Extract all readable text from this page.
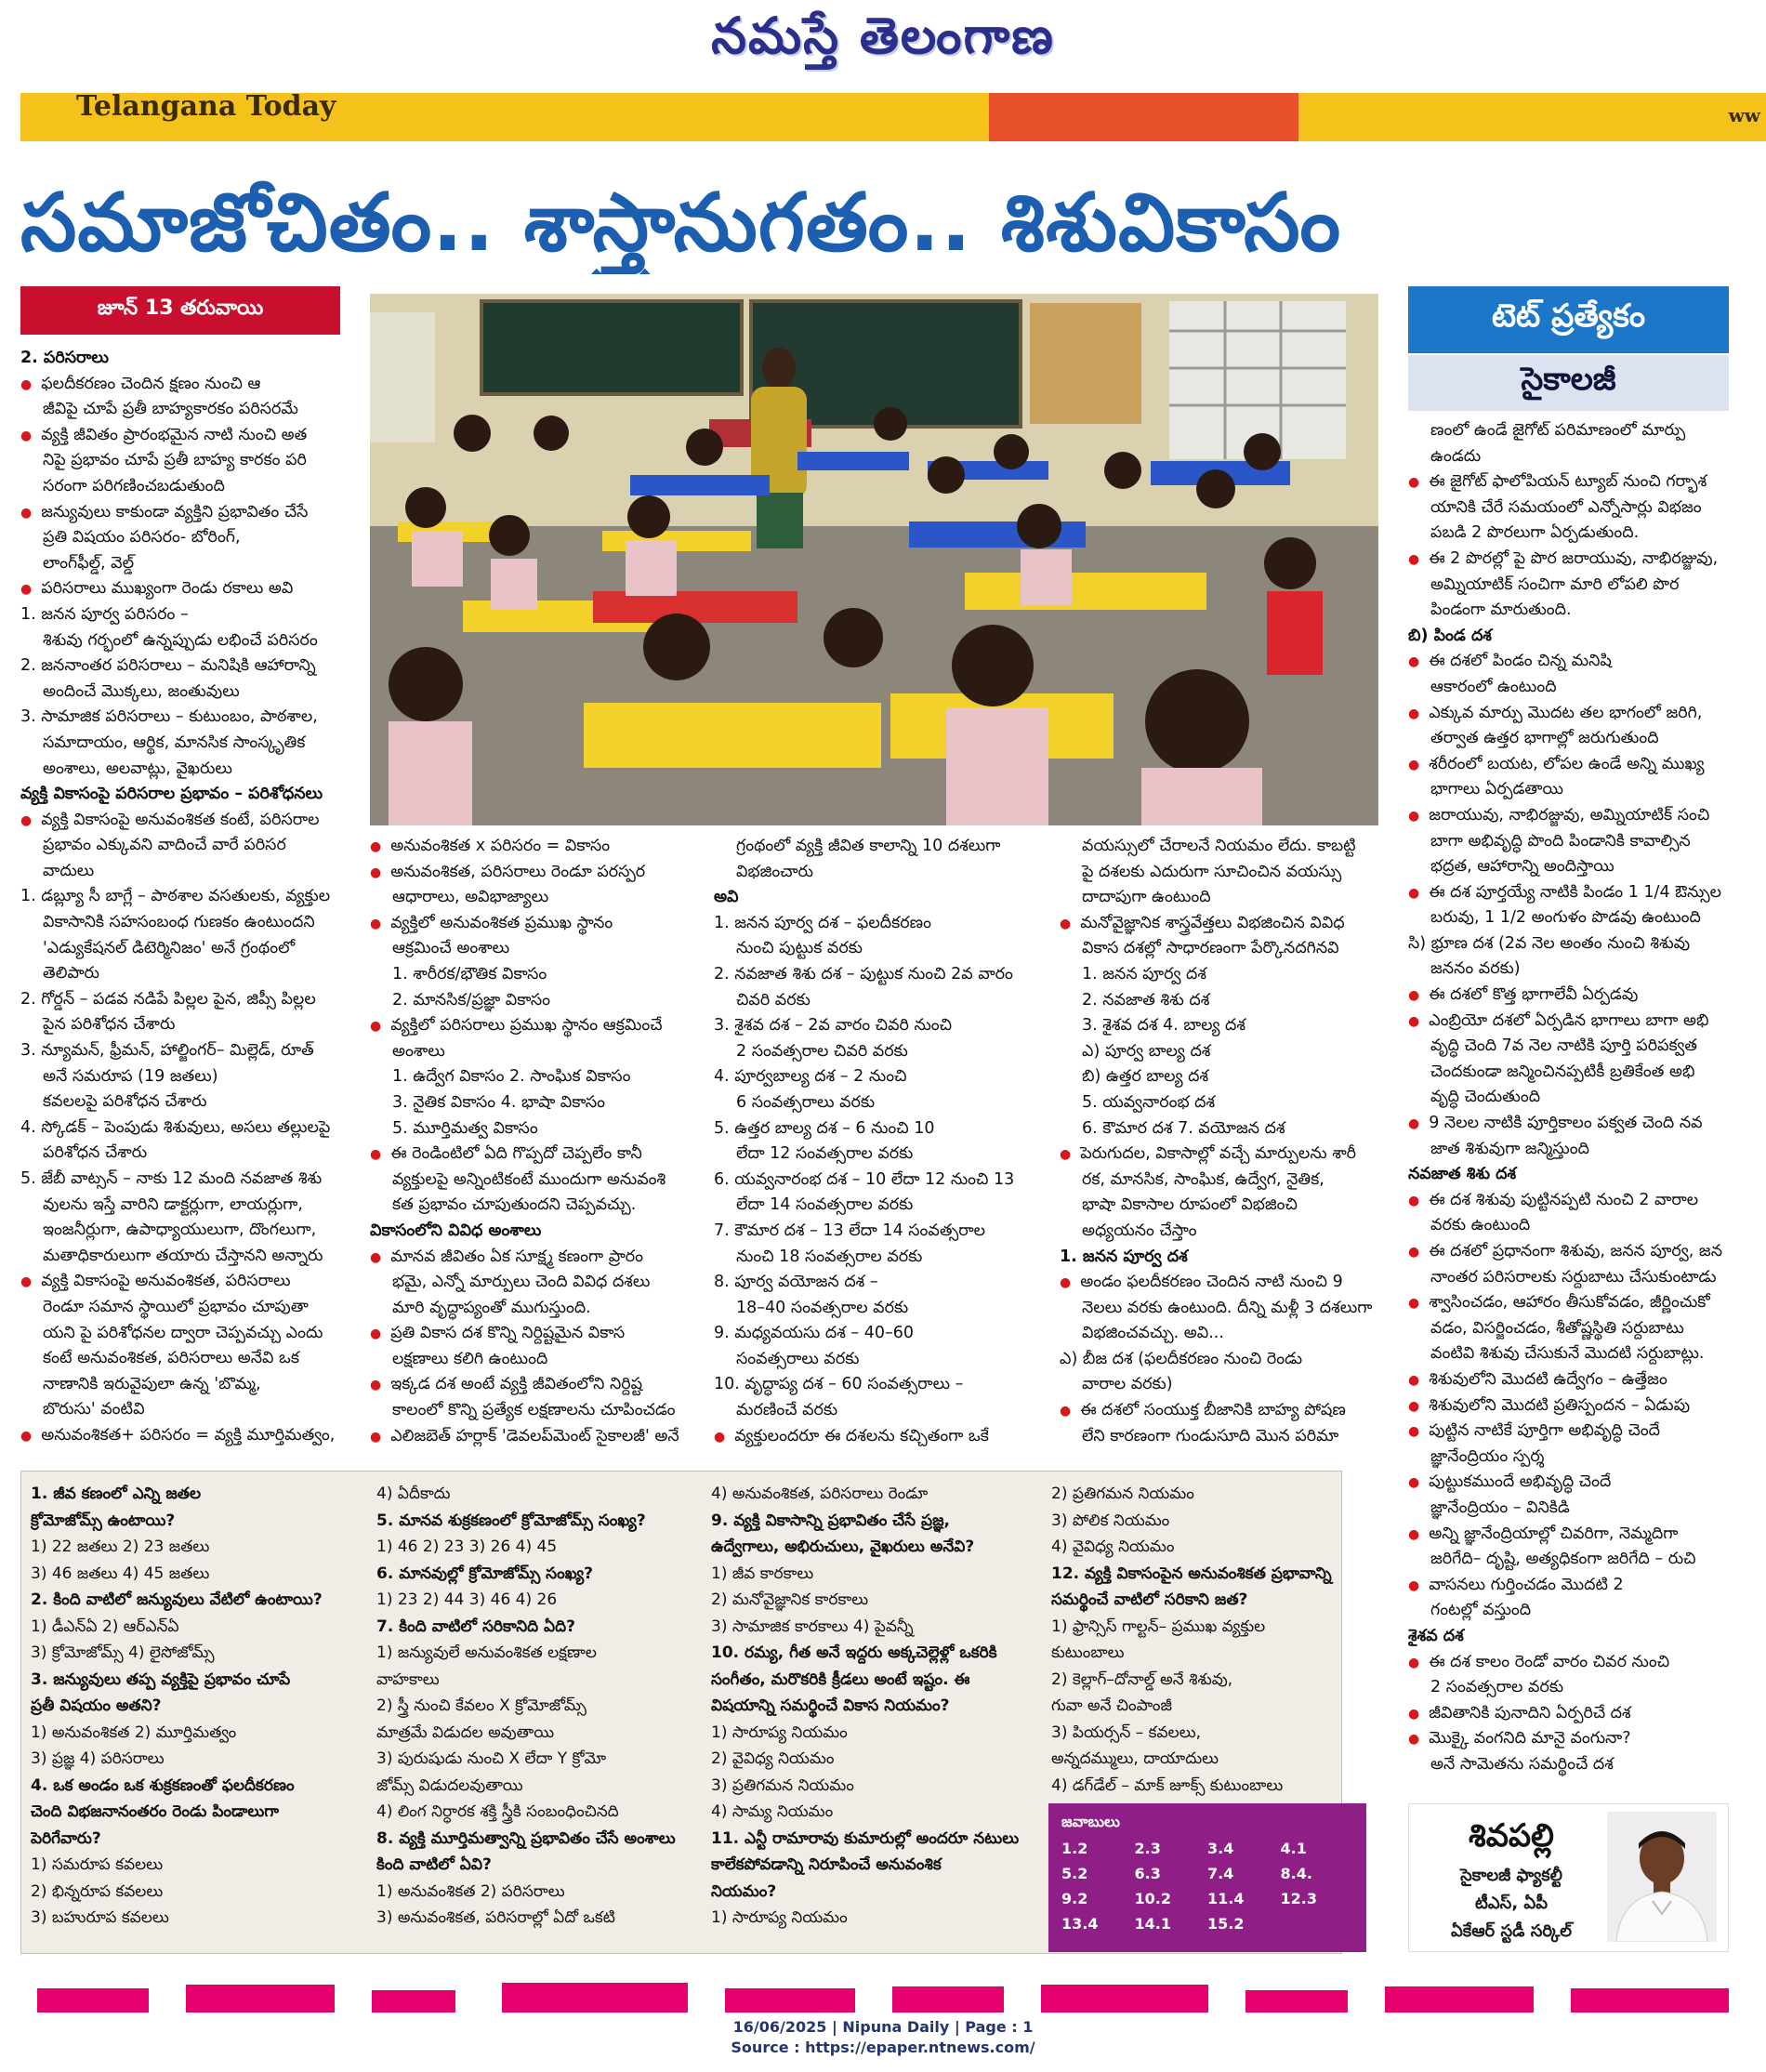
నమస్తే తెలంగాణ
Telangana Today	ww
సమాజోచితం.. శాస్త్రానుగతం.. శిశువికాసం
జూన్ 13 తరువాయి	టెట్ ప్రత్యేకం
సైకాలజీ
2. పరిసరాలు
● ఫలదీకరణం చెందిన క్షణం నుంచి ఆ
జీవిపై చూపే ప్రతీ బాహ్యకారకం పరిసరమే
● వ్యక్తి జీవితం ప్రారంభమైన నాటి నుంచి అత
నిపై ప్రభావం చూపే ప్రతీ బాహ్య కారకం పరి
సరంగా పరిగణించబడుతుంది
● జన్యువులు కాకుండా వ్యక్తిని ప్రభావితం చేసే
ప్రతి విషయం పరిసరం- బోరింగ్,
లాంగ్‌ఫీల్డ్, వెల్డ్
● పరిసరాలు ముఖ్యంగా రెండు రకాలు అవి
1. జనన పూర్వ పరిసరం –
శిశువు గర్భంలో ఉన్నప్పుడు లభించే పరిసరం
2. జననాంతర పరిసరాలు – మనిషికి ఆహారాన్ని
అందించే మొక్కలు, జంతువులు
3. సామాజిక పరిసరాలు – కుటుంబం, పాఠశాల,
సమాదాయం, ఆర్థిక, మానసిక సాంస్కృతిక
అంశాలు, అలవాట్లు, వైఖరులు
వ్యక్తి వికాసంపై పరిసరాల ప్రభావం – పరిశోధనలు
● వ్యక్తి వికాసంపై అనువంశికత కంటే, పరిసరాల
ప్రభావం ఎక్కువని వాదించే వారే పరిసర
వాదులు
1. డబ్ల్యూ సీ బాగ్లే – పాఠశాల వసతులకు, వ్యక్తుల
వికాసానికి సహసంబంధ గుణకం ఉంటుందని
'ఎడ్యుకేషనల్ డిటెర్మినిజం' అనే గ్రంథంలో
తెలిపారు
2. గోర్డన్ – పడవ నడిపే పిల్లల పైన, జిప్సీ పిల్లల
పైన పరిశోధన చేశారు
3. న్యూమన్, ఫ్రీమన్, హాల్జింగర్– మిల్లెడ్, రూత్
అనే సమరూప (19 జతలు)
కవలలపై పరిశోధన చేశారు
4. స్కోడక్ – పెంపుడు శిశువులు, అసలు తల్లులపై
పరిశోధన చేశారు
5. జేబీ వాట్సన్ – నాకు 12 మంది నవజాత శిశు
వులను ఇస్తే వారిని డాక్టర్లుగా, లాయర్లుగా,
ఇంజనీర్లుగా, ఉపాధ్యాయులుగా, దొంగలుగా,
మతాధికారులుగా తయారు చేస్తానని అన్నారు
● వ్యక్తి వికాసంపై అనువంశికత, పరిసరాలు
రెండూ సమాన స్థాయిలో ప్రభావం చూపుతా
యని పై పరిశోధనల ద్వారా చెప్పవచ్చు ఎందు
కంటే అనువంశికత, పరిసరాలు అనేవి ఒక
నాణానికి ఇరువైపులా ఉన్న 'బొమ్మ,
బొరుసు' వంటివి
● అనువంశికత+ పరిసరం = వ్యక్తి మూర్తిమత్వం,
● అనువంశికత x పరిసరం = వికాసం
● అనువంశికత, పరిసరాలు రెండూ పరస్పర
ఆధారాలు, అవిభాజ్యాలు
● వ్యక్తిలో అనువంశికత ప్రముఖ స్థానం
ఆక్రమించే అంశాలు
1. శారీరక/భౌతిక వికాసం
2. మానసిక/ప్రజ్ఞా వికాసం
● వ్యక్తిలో పరిసరాలు ప్రముఖ స్థానం ఆక్రమించే
అంశాలు
1. ఉద్వేగ వికాసం 2. సాంఘిక వికాసం
3. నైతిక వికాసం 4. భాషా వికాసం
5. మూర్తిమత్వ వికాసం
● ఈ రెండింటిలో ఏది గొప్పదో చెప్పలేం కానీ
వ్యక్తులపై అన్నింటికంటే ముందుగా అనువంశి
కత ప్రభావం చూపుతుందని చెప్పవచ్చు.
వికాసంలోని వివిధ అంశాలు
● మానవ జీవితం ఏక సూక్ష్మ కణంగా ప్రారం
భమై, ఎన్నో మార్పులు చెంది వివిధ దశలు
మారి వృద్ధాప్యంతో ముగుస్తుంది.
● ప్రతి వికాస దశ కొన్ని నిర్దిష్టమైన వికాస
లక్షణాలు కలిగి ఉంటుంది
● ఇక్కడ దశ అంటే వ్యక్తి జీవితంలోని నిర్దిష్ట
కాలంలో కొన్ని ప్రత్యేక లక్షణాలను చూపించడం
● ఎలిజబెత్ హర్లాక్ 'డెవలప్‌మెంట్ సైకాలజీ' అనే
గ్రంథంలో వ్యక్తి జీవిత కాలాన్ని 10 దశలుగా
విభజించారు
అవి
1. జనన పూర్వ దశ – ఫలదీకరణం
నుంచి పుట్టుక వరకు
2. నవజాత శిశు దశ – పుట్టుక నుంచి 2వ వారం
చివరి వరకు
3. శైశవ దశ – 2వ వారం చివరి నుంచి
2 సంవత్సరాల చివరి వరకు
4. పూర్వబాల్య దశ – 2 నుంచి
6 సంవత్సరాలు వరకు
5. ఉత్తర బాల్య దశ – 6 నుంచి 10
లేదా 12 సంవత్సరాల వరకు
6. యవ్వనారంభ దశ – 10 లేదా 12 నుంచి 13
లేదా 14 సంవత్సరాల వరకు
7. కౌమార దశ – 13 లేదా 14 సంవత్సరాల
నుంచి 18 సంవత్సరాల వరకు
8. పూర్వ వయోజన దశ –
18–40 సంవత్సరాల వరకు
9. మధ్యవయసు దశ – 40–60
సంవత్సరాలు వరకు
10. వృద్ధాప్య దశ – 60 సంవత్సరాలు –
మరణించే వరకు
● వ్యక్తులందరూ ఈ దశలను కచ్చితంగా ఒకే
వయస్సులో చేరాలనే నియమం లేదు. కాబట్టి
పై దశలకు ఎదురుగా సూచించిన వయస్సు
దాదాపుగా ఉంటుంది
● మనోవైజ్ఞానిక శాస్త్రవేత్తలు విభజించిన వివిధ
వికాస దశల్లో సాధారణంగా పేర్కొనదగినవి
1. జనన పూర్వ దశ
2. నవజాత శిశు దశ
3. శైశవ దశ 4. బాల్య దశ
ఎ) పూర్వ బాల్య దశ
బి) ఉత్తర బాల్య దశ
5. యవ్వనారంభ దశ
6. కౌమార దశ 7. వయోజన దశ
● పెరుగుదల, వికాసాల్లో వచ్చే మార్పులను శారీ
రక, మానసిక, సాంఘిక, ఉద్వేగ, నైతిక,
భాషా వికాసాల రూపంలో విభజించి
అధ్యయనం చేస్తాం
1. జనన పూర్వ దశ
● అండం ఫలదీకరణం చెందిన నాటి నుంచి 9
నెలలు వరకు ఉంటుంది. దీన్ని మళ్లీ 3 దశలుగా
విభజించవచ్చు. అవి...
ఎ) బీజ దశ (ఫలదీకరణం నుంచి రెండు
వారాల వరకు)
● ఈ దశలో సంయుక్త బీజానికి బాహ్య పోషణ
లేని కారణంగా గుండుసూది మొన పరిమా
ణంలో ఉండే జైగోట్ పరిమాణంలో మార్పు
ఉండదు
● ఈ జైగోట్ ఫాలోపియన్ ట్యూబ్ నుంచి గర్భాశ
యానికి చేరే సమయంలో ఎన్నోసార్లు విభజం
పబడి 2 పొరలుగా ఏర్పడుతుంది.
● ఈ 2 పొరల్లో పై పొర జరాయువు, నాభిరజ్జువు,
అమ్నియాటిక్ సంచిగా మారి లోపలి పొర
పిండంగా మారుతుంది.
బి) పిండ దశ
● ఈ దశలో పిండం చిన్న మనిషి
ఆకారంలో ఉంటుంది
● ఎక్కువ మార్పు మొదట తల భాగంలో జరిగి,
తర్వాత ఉత్తర భాగాల్లో జరుగుతుంది
● శరీరంలో బయట, లోపల ఉండే అన్ని ముఖ్య
భాగాలు ఏర్పడతాయి
● జరాయువు, నాభిరజ్జువు, అమ్నియాటిక్ సంచి
బాగా అభివృద్ధి పొంది పిండానికి కావాల్సిన
భద్రత, ఆహారాన్ని అందిస్తాయి
● ఈ దశ పూర్తయ్యే నాటికి పిండం 1 1/4 ఔన్సుల
బరువు, 1 1/2 అంగుళం పొడవు ఉంటుంది
సి) భ్రూణ దశ (2వ నెల అంతం నుంచి శిశువు
జననం వరకు)
● ఈ దశలో కొత్త భాగాలేవీ ఏర్పడవు
● ఎంబ్రియో దశలో ఏర్పడిన భాగాలు బాగా అభి
వృద్ధి చెంది 7వ నెల నాటికి పూర్తి పరిపక్వత
చెందకుండా జన్మించినప్పటికీ బ్రతికేంత అభి
వృద్ధి చెందుతుంది
● 9 నెలల నాటికి పూర్తికాలం పక్వత చెంది నవ
జాత శిశువుగా జన్మిస్తుంది
నవజాత శిశు దశ
● ఈ దశ శిశువు పుట్టినప్పటి నుంచి 2 వారాల
వరకు ఉంటుంది
● ఈ దశలో ప్రధానంగా శిశువు, జనన పూర్వ, జన
నాంతర పరిసరాలకు సర్దుబాటు చేసుకుంటాడు
● శ్వాసించడం, ఆహారం తీసుకోవడం, జీర్ణించుకో
వడం, విసర్జించడం, శీతోష్ణస్థితి సర్దుబాటు
వంటివి శిశువు చేసుకునే మొదటి సర్దుబాట్లు.
● శిశువులోని మొదటి ఉద్వేగం – ఉత్తేజం
● శిశువులోని మొదటి ప్రతిస్పందన – ఏడుపు
● పుట్టిన నాటికే పూర్తిగా అభివృద్ధి చెందే
జ్ఞానేంద్రియం స్పర్శ
● పుట్టుకముందే అభివృద్ధి చెందే
జ్ఞానేంద్రియం – వినికిడి
● అన్ని జ్ఞానేంద్రియాల్లో చివరిగా, నెమ్మదిగా
జరిగేది– దృష్టి, అత్యధికంగా జరిగేది – రుచి
● వాసనలు గుర్తించడం మొదటి 2
గంటల్లో వస్తుంది
శైశవ దశ
● ఈ దశ కాలం రెండో వారం చివర నుంచి
2 సంవత్సరాల వరకు
● జీవితానికి పునాదిని ఏర్పరిచే దశ
● మొక్కై వంగనిది మానై వంగునా?
అనే సామెతను సమర్థించే దశ
1. జీవ కణంలో ఎన్ని జతల
క్రోమోజోమ్స్ ఉంటాయి?
1) 22 జతలు 2) 23 జతలు
3) 46 జతలు 4) 45 జతలు
2. కింది వాటిలో జన్యువులు వేటిలో ఉంటాయి?
1) డీఎన్ఏ 2) ఆర్ఎన్ఏ
3) క్రోమోజోమ్స్ 4) లైసోజోమ్స్
3. జన్యువులు తప్ప వ్యక్తిపై ప్రభావం చూపే
ప్రతీ విషయం అతని?
1) అనువంశికత 2) మూర్తిమత్వం
3) ప్రజ్ఞ 4) పరిసరాలు
4. ఒక అండం ఒక శుక్రకణంతో ఫలదీకరణం
చెంది విభజనానంతరం రెండు పిండాలుగా
పెరిగేవారు?
1) సమరూప కవలలు
2) భిన్నరూప కవలలు
3) బహురూప కవలలు
4) ఏదీకాదు
5. మానవ శుక్రకణంలో క్రోమోజోమ్స్ సంఖ్య?
1) 46 2) 23 3) 26 4) 45
6. మానవుల్లో క్రోమోజోమ్స్ సంఖ్య?
1) 23 2) 44 3) 46 4) 26
7. కింది వాటిలో సరికానిది ఏది?
1) జన్యువులే అనువంశికత లక్షణాల
వాహకాలు
2) స్త్రీ నుంచి కేవలం X క్రోమోజోమ్స్
మాత్రమే విడుదల అవుతాయి
3) పురుషుడు నుంచి X లేదా Y క్రోమో
జోమ్స్ విడుదలవుతాయి
4) లింగ నిర్ధారక శక్తి స్త్రీకి సంబంధించినది
8. వ్యక్తి మూర్తిమత్వాన్ని ప్రభావితం చేసే అంశాలు
కింది వాటిలో ఏవి?
1) అనువంశికత 2) పరిసరాలు
3) అనువంశికత, పరిసరాల్లో ఏదో ఒకటి
4) అనువంశికత, పరిసరాలు రెండూ
9. వ్యక్తి వికాసాన్ని ప్రభావితం చేసే ప్రజ్ఞ,
ఉద్వేగాలు, అభిరుచులు, వైఖరులు అనేవి?
1) జీవ కారకాలు
2) మనోవైజ్ఞానిక కారకాలు
3) సామాజిక కారకాలు 4) పైవన్నీ
10. రమ్య, గీత అనే ఇద్దరు అక్కచెల్లెళ్లో ఒకరికి
సంగీతం, మరొకరికి క్రీడలు అంటే ఇష్టం. ఈ
విషయాన్ని సమర్థించే వికాస నియమం?
1) సారూప్య నియమం
2) వైవిధ్య నియమం
3) ప్రతిగమన నియమం
4) సామ్య నియమం
11. ఎన్టీ రామారావు కుమారుల్లో అందరూ నటులు
కాలేకపోవడాన్ని నిరూపించే అనువంశిక
నియమం?
1) సారూప్య నియమం
2) ప్రతిగమన నియమం
3) పోలిక నియమం
4) వైవిధ్య నియమం
12. వ్యక్తి వికాసంపైన అనువంశికత ప్రభావాన్ని
సమర్థించే వాటిలో సరికాని జత?
1) ఫ్రాన్సిస్ గాల్టన్– ప్రముఖ వ్యక్తుల
కుటుంబాలు
2) కెల్లాగ్–దోనాల్డ్ అనే శిశువు,
గువా అనే చింపాంజీ
3) పియర్సన్ – కవలలు,
అన్నదమ్ములు, దాయాదులు
4) డగ్‌డేల్ – మాక్ జూక్స్ కుటుంబాలు
జవాబులు
1.2	2.3	3.4	4.1
5.2	6.3	7.4	8.4.
9.2	10.2	11.4	12.3
13.4	14.1	15.2
శివపల్లి
సైకాలజీ ఫ్యాకల్టీ
టీఎస్, ఏపీ
ఏకేఆర్ స్టడీ సర్కిల్
16/06/2025 | Nipuna Daily | Page : 1
Source : https://epaper.ntnews.com/
